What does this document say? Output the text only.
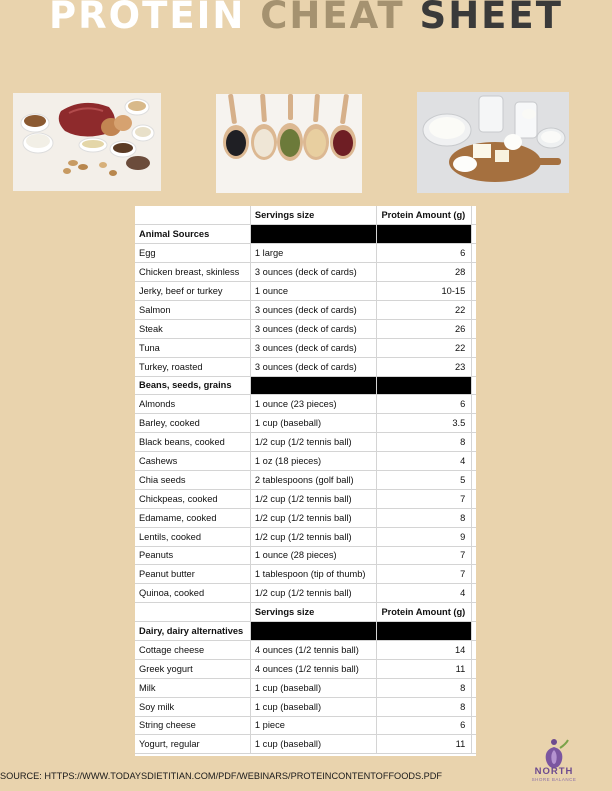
PROTEIN CHEAT SHEET
	Servings size	Protein Amount (g)	
Animal Sources			
Egg	1 large	6	
Chicken breast, skinless	3 ounces (deck of cards)	28	
Jerky, beef or turkey	1 ounce	10-15	
Salmon	3 ounces (deck of cards)	22	
Steak	3 ounces (deck of cards)	26	
Tuna	3 ounces (deck of cards)	22	
Turkey, roasted	3 ounces (deck of cards)	23	
Beans, seeds, grains			
Almonds	1 ounce (23 pieces)	6	
Barley, cooked	1 cup (baseball)	3.5	
Black beans, cooked	1/2 cup (1/2 tennis ball)	8	
Cashews	1 oz (18 pieces)	4	
Chia seeds	2 tablespoons (golf ball)	5	
Chickpeas, cooked	1/2 cup (1/2 tennis ball)	7	
Edamame, cooked	1/2 cup (1/2 tennis ball)	8	
Lentils, cooked	1/2 cup (1/2 tennis ball)	9	
Peanuts	1 ounce (28 pieces)	7	
Peanut butter	1 tablespoon (tip of thumb)	7	
Quinoa, cooked	1/2 cup (1/2 tennis ball)	4	
	Servings size	Protein Amount (g)	
Dairy, dairy alternatives			
Cottage cheese	4 ounces (1/2 tennis ball)	14	
Greek yogurt	4 ounces (1/2 tennis ball)	11	
Milk	1 cup (baseball)	8	
Soy milk	1 cup (baseball)	8	
String cheese	1 piece	6	
Yogurt, regular	1 cup (baseball)	11	
SOURCE: HTTPS://WWW.TODAYSDIETITIAN.COM/PDF/WEBINARS/PROTEINCONTENTOFFOODS.PDF	NORTH
SHORE BALANCE
